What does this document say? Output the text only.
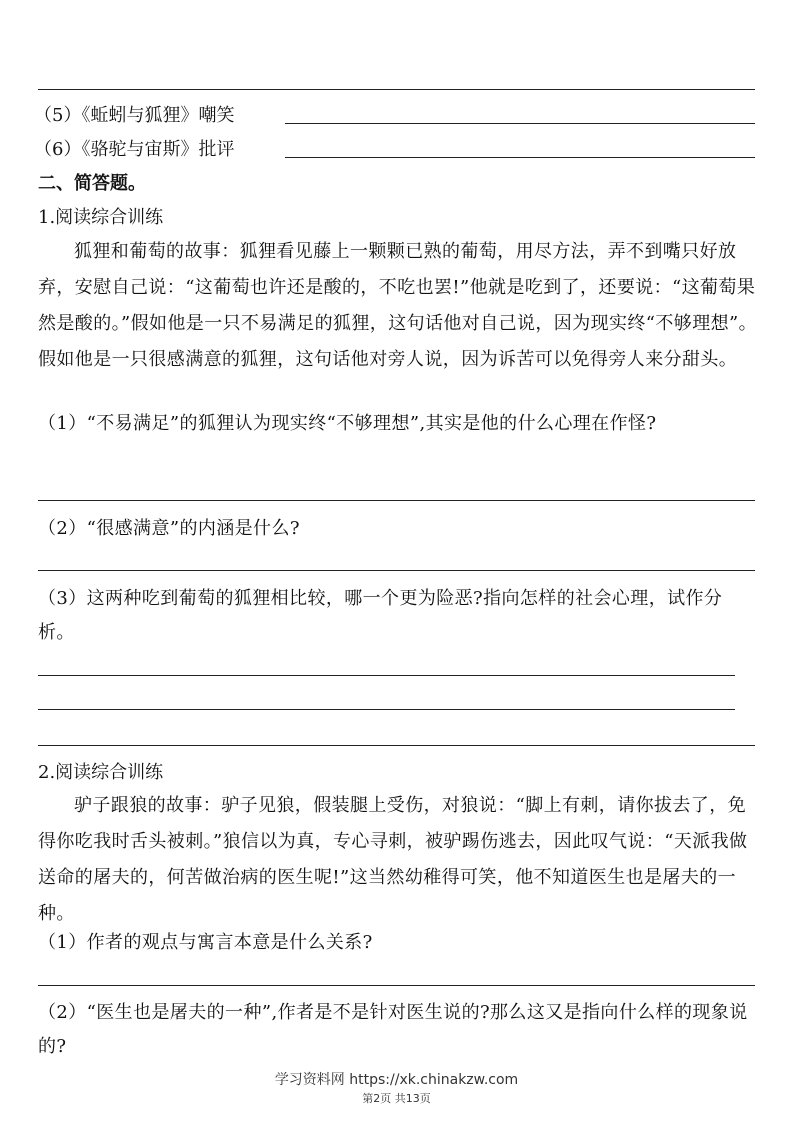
（5）《蚯蚓与狐狸》嘲笑
（6）《骆驼与宙斯》批评
二、简答题。
1.阅读综合训练
狐狸和葡萄的故事：狐狸看见藤上一颗颗已熟的葡萄，用尽方法，弄不到嘴只好放弃，安慰自己说：“这葡萄也许还是酸的，不吃也罢!”他就是吃到了，还要说：“这葡萄果然是酸的。”假如他是一只不易满足的狐狸，这句话他对自己说，因为现实终“不够理想”。假如他是一只很感满意的狐狸，这句话他对旁人说，因为诉苦可以免得旁人来分甜头。
（1）“不易满足”的狐狸认为现实终“不够理想”,其实是他的什么心理在作怪?
（2）“很感满意”的内涵是什么?
（3）这两种吃到葡萄的狐狸相比较，哪一个更为险恶?指向怎样的社会心理，试作分析。
2.阅读综合训练
驴子跟狼的故事：驴子见狼，假装腿上受伤，对狼说：“脚上有刺，请你拔去了，免得你吃我时舌头被刺。”狼信以为真，专心寻刺，被驴踢伤逃去，因此叹气说：“天派我做送命的屠夫的，何苦做治病的医生呢!”这当然幼稚得可笑，他不知道医生也是屠夫的一种。
（1）作者的观点与寓言本意是什么关系?
（2）“医生也是屠夫的一种”,作者是不是针对医生说的?那么这又是指向什么样的现象说的?
学习资料网 https://xk.chinakzw.com
第2页 共13页
